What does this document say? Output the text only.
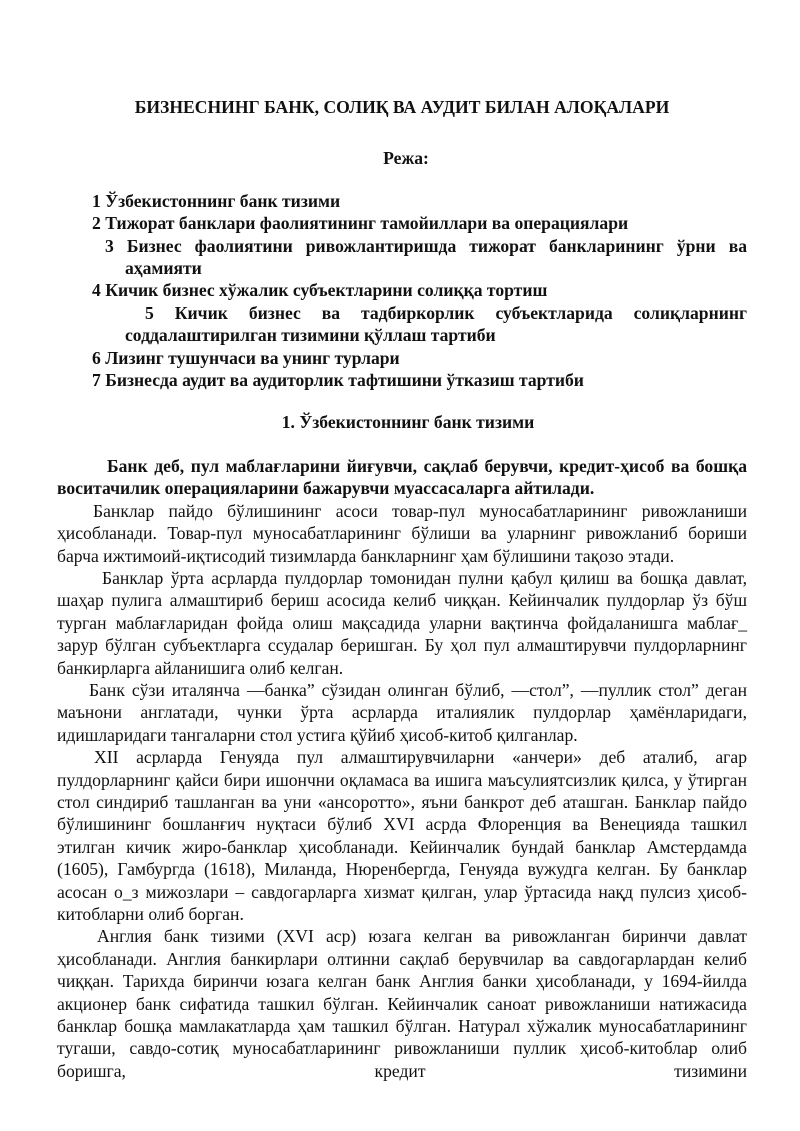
БИЗНЕСНИНГ БАНК, СОЛИҚ ВА АУДИТ БИЛАН АЛОҚАЛАРИ
Режа:
1 Ўзбекистоннинг банк тизими
2 Тижорат банклари фаолиятининг тамойиллари ва операциялари
3 Бизнес фаолиятини ривожлантиришда тижорат банкларининг ўрни ва аҳамияти
4 Кичик бизнес хўжалик субъектларини солиққа тортиш
5 Кичик бизнес ва тадбиркорлик субъектларида солиқларнинг соддалаштирилган тизимини қўллаш тартиби
6 Лизинг тушунчаси ва унинг турлари
7 Бизнесда аудит ва аудиторлик тафтишини ўтказиш тартиби
1. Ўзбекистоннинг банк тизими
Банк деб, пул маблағларини йиғувчи, сақлаб берувчи, кредит-ҳисоб ва бошқа воситачилик операцияларини бажарувчи муассасаларга айтилади.
Банклар пайдо бўлишининг асоси товар-пул муносабатларининг ривожланиши ҳисобланади. Товар-пул муносабатларининг бўлиши ва уларнинг ривожланиб бориши барча ижтимоий-иқтисодий тизимларда банкларнинг ҳам бўлишини тақозо этади.
Банклар ўрта асрларда пулдорлар томонидан пулни қабул қилиш ва бошқа давлат, шаҳар пулига алмаштириб бериш асосида келиб чиққан. Кейинчалик пулдорлар ўз бўш турган маблағларидан фойда олиш мақсадида уларни вақтинча фойдаланишга маблағ_ зарур бўлган субъектларга ссудалар беришган. Бу ҳол пул алмаштирувчи пулдорларнинг банкирларга айланишига олиб келган.
Банк сўзи италянча —банка” сўзидан олинган бўлиб, —стол”, —пуллик стол” деган маънони англатади, чунки ўрта асрларда италиялик пулдорлар ҳамёнларидаги, идишларидаги тангаларни стол устига қўйиб ҳисоб-китоб қилганлар.
XII асрларда Генуяда пул алмаштирувчиларни «анчери» деб аталиб, агар пулдорларнинг қайси бири ишончни оқламаса ва ишига маъсулиятсизлик қилса, у ўтирган стол синдириб ташланган ва уни «ансоротто», яъни банкрот деб аташган. Банклар пайдо бўлишининг бошланғич нуқтаси бўлиб XVI асрда Флоренция ва Венецияда ташкил этилган кичик жиро-банклар ҳисобланади. Кейинчалик бундай банклар Амстердамда (1605), Гамбургда (1618), Миланда, Нюренбергда, Генуяда вужудга келган. Бу банклар асосан о_з мижозлари – савдогарларга хизмат қилган, улар ўртасида нақд пулсиз ҳисоб-китобларни олиб борган.
Англия банк тизими (XVI аср) юзага келган ва ривожланган биринчи давлат ҳисобланади. Англия банкирлари олтинни сақлаб берувчилар ва савдогарлардан келиб чиққан. Тарихда биринчи юзага келган банк Англия банки ҳисобланади, у 1694-йилда акционер банк сифатида ташкил бўлган. Кейинчалик саноат ривожланиши натижасида банклар бошқа мамлакатларда ҳам ташкил бўлган. Натурал хўжалик муносабатларининг тугаши, савдо-сотиқ муносабатларининг ривожланиши пуллик ҳисоб-китоблар олиб боришга, кредит тизимини
